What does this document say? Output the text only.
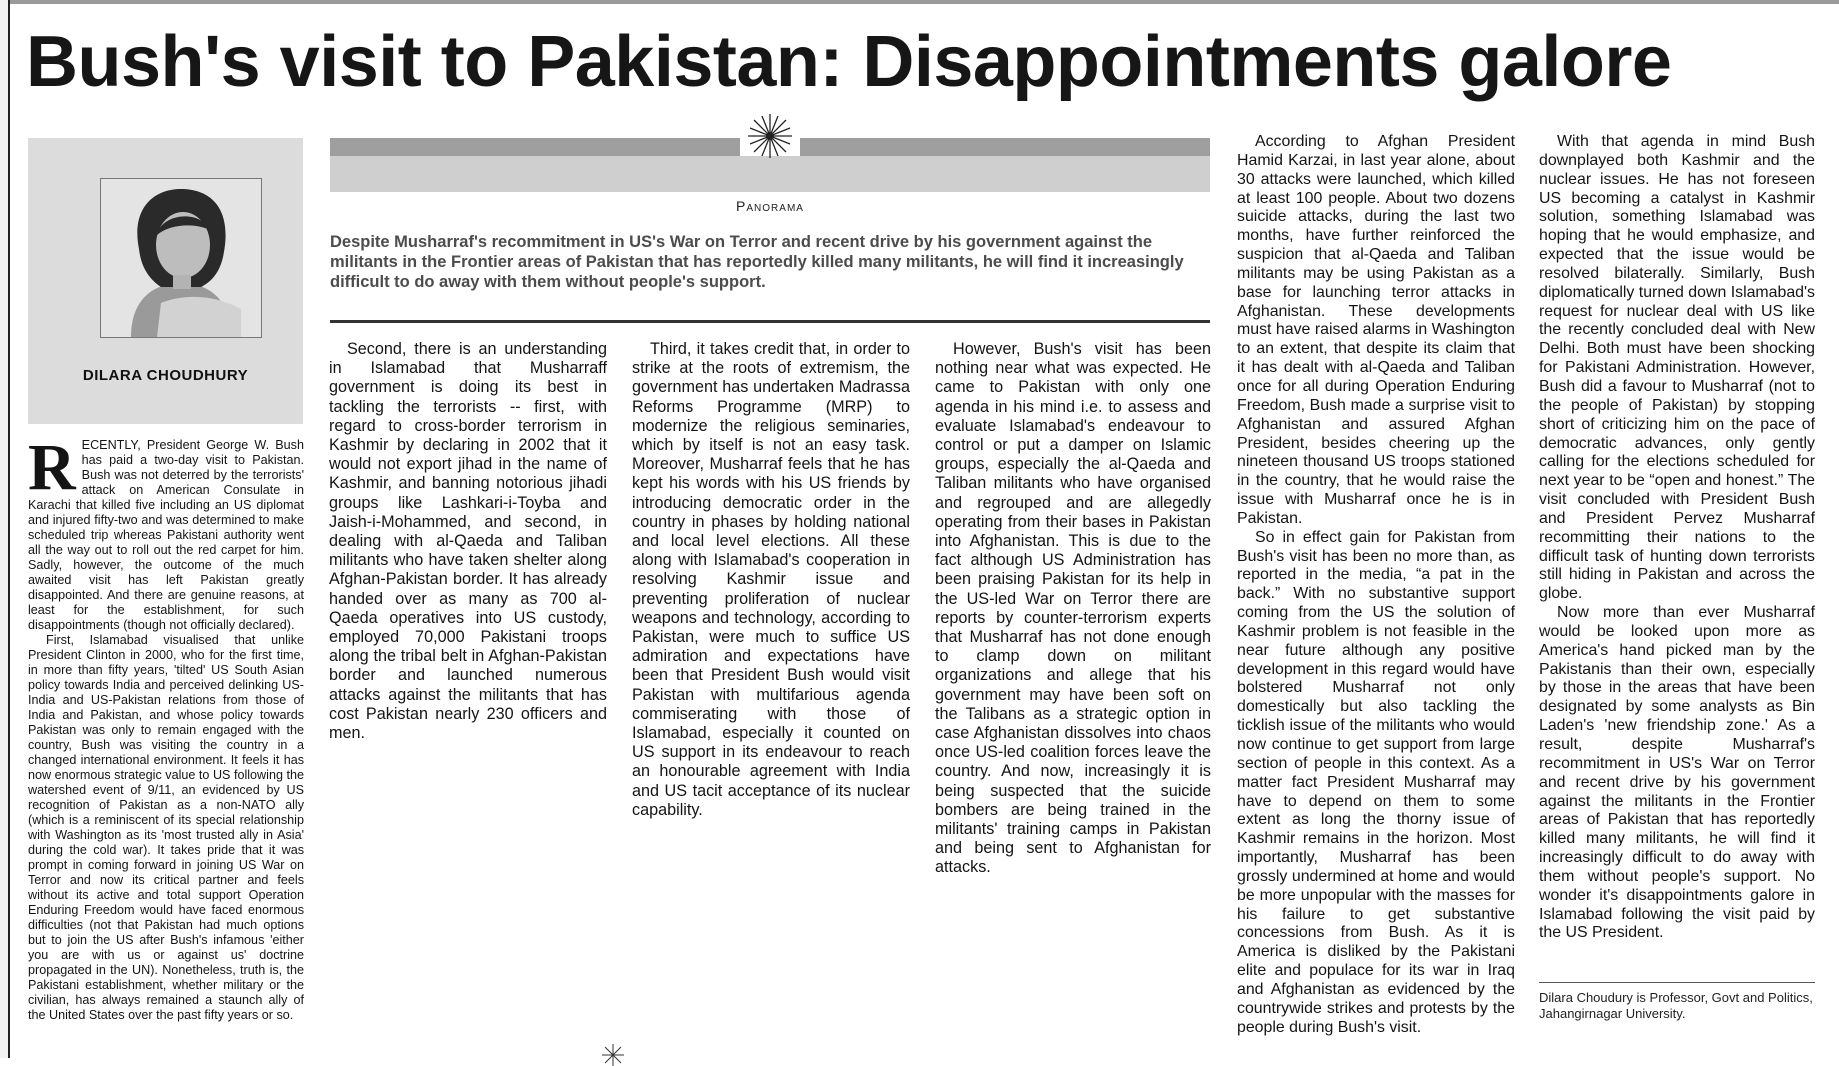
Bush's visit to Pakistan: Disappointments galore
DILARA CHOUDHURY
Panorama

Despite Musharraf's recommitment in US's War on Terror and recent drive by his government against the militants in the Frontier areas of Pakistan that has reportedly killed many militants, he will find it increasingly difficult to do away with them without people's support.

RECENTLY, President George W. Bush has paid a two-day visit to Pakistan. Bush was not deterred by the terrorists' attack on American Consulate in Karachi that killed five including an US diplomat and injured fifty-two and was determined to make scheduled trip whereas Pakistani authority went all the way out to roll out the red carpet for him. Sadly, however, the outcome of the much awaited visit has left Pakistan greatly disappointed. And there are genuine reasons, at least for the establishment, for such disappointments (though not officially declared).

First, Islamabad visualised that unlike President Clinton in 2000, who for the first time, in more than fifty years, 'tilted' US South Asian policy towards India and perceived delinking US-India and US-Pakistan relations from those of India and Pakistan, and whose policy towards Pakistan was only to remain engaged with the country, Bush was visiting the country in a changed international environment. It feels it has now enormous strategic value to US following the watershed event of 9/11, an evidenced by US recognition of Pakistan as a non-NATO ally (which is a reminiscent of its special relationship with Washington as its 'most trusted ally in Asia' during the cold war). It takes pride that it was prompt in coming forward in joining US War on Terror and now its critical partner and feels without its active and total support Operation Enduring Freedom would have faced enormous difficulties (not that Pakistan had much options but to join the US after Bush's infamous 'either you are with us or against us' doctrine propagated in the UN). Nonetheless, truth is, the Pakistani establishment, whether military or the civilian, has always remained a staunch ally of the United States over the past fifty years or so.

Second, there is an understanding in Islamabad that Musharraff government is doing its best in tackling the terrorists -- first, with regard to cross-border terrorism in Kashmir by declaring in 2002 that it would not export jihad in the name of Kashmir, and banning notorious jihadi groups like Lashkari-i-Toyba and Jaish-i-Mohammed, and second, in dealing with al-Qaeda and Taliban militants who have taken shelter along Afghan-Pakistan border. It has already handed over as many as 700 al-Qaeda operatives into US custody, employed 70,000 Pakistani troops along the tribal belt in Afghan-Pakistan border and launched numerous attacks against the militants that has cost Pakistan nearly 230 officers and men.

Third, it takes credit that, in order to strike at the roots of extremism, the government has undertaken Madrassa Reforms Programme (MRP) to modernize the religious seminaries, which by itself is not an easy task. Moreover, Musharraf feels that he has kept his words with his US friends by introducing democratic order in the country in phases by holding national and local level elections. All these along with Islamabad's cooperation in resolving Kashmir issue and preventing proliferation of nuclear weapons and technology, according to Pakistan, were much to suffice US admiration and expectations have been that President Bush would visit Pakistan with multifarious agenda commiserating with those of Islamabad, especially it counted on US support in its endeavour to reach an honourable agreement with India and US tacit acceptance of its nuclear capability.

However, Bush's visit has been nothing near what was expected. He came to Pakistan with only one agenda in his mind i.e. to assess and evaluate Islamabad's endeavour to control or put a damper on Islamic groups, especially the al-Qaeda and Taliban militants who have organised and regrouped and are allegedly operating from their bases in Pakistan into Afghanistan. This is due to the fact although US Administration has been praising Pakistan for its help in the US-led War on Terror there are reports by counter-terrorism experts that Musharraf has not done enough to clamp down on militant organizations and allege that his government may have been soft on the Talibans as a strategic option in case Afghanistan dissolves into chaos once US-led coalition forces leave the country. And now, increasingly it is being suspected that the suicide bombers are being trained in the militants' training camps in Pakistan and being sent to Afghanistan for attacks.

According to Afghan President Hamid Karzai, in last year alone, about 30 attacks were launched, which killed at least 100 people. About two dozens suicide attacks, during the last two months, have further reinforced the suspicion that al-Qaeda and Taliban militants may be using Pakistan as a base for launching terror attacks in Afghanistan. These developments must have raised alarms in Washington to an extent, that despite its claim that it has dealt with al-Qaeda and Taliban once for all during Operation Enduring Freedom, Bush made a surprise visit to Afghanistan and assured Afghan President, besides cheering up the nineteen thousand US troops stationed in the country, that he would raise the issue with Musharraf once he is in Pakistan.

So in effect gain for Pakistan from Bush's visit has been no more than, as reported in the media, “a pat in the back.” With no substantive support coming from the US the solution of Kashmir problem is not feasible in the near future although any positive development in this regard would have bolstered Musharraf not only domestically but also tackling the ticklish issue of the militants who would now continue to get support from large section of people in this context. As a matter fact President Musharraf may have to depend on them to some extent as long the thorny issue of Kashmir remains in the horizon. Most importantly, Musharraf has been grossly undermined at home and would be more unpopular with the masses for his failure to get substantive concessions from Bush. As it is America is disliked by the Pakistani elite and populace for its war in Iraq and Afghanistan as evidenced by the countrywide strikes and protests by the people during Bush's visit.

With that agenda in mind Bush downplayed both Kashmir and the nuclear issues. He has not foreseen US becoming a catalyst in Kashmir solution, something Islamabad was hoping that he would emphasize, and expected that the issue would be resolved bilaterally. Similarly, Bush diplomatically turned down Islamabad's request for nuclear deal with US like the recently concluded deal with New Delhi. Both must have been shocking for Pakistani Administration. However, Bush did a favour to Musharraf (not to the people of Pakistan) by stopping short of criticizing him on the pace of democratic advances, only gently calling for the elections scheduled for next year to be “open and honest.” The visit concluded with President Bush and President Pervez Musharraf recommitting their nations to the difficult task of hunting down terrorists still hiding in Pakistan and across the globe.

Now more than ever Musharraf would be looked upon more as America's hand picked man by the Pakistanis than their own, especially by those in the areas that have been designated by some analysts as Bin Laden's 'new friendship zone.' As a result, despite Musharraf's recommitment in US's War on Terror and recent drive by his government against the militants in the Frontier areas of Pakistan that has reportedly killed many militants, he will find it increasingly difficult to do away with them without people's support. No wonder it's disappointments galore in Islamabad following the visit paid by the US President.

Dilara Choudury is Professor, Govt and Politics, Jahangirnagar University.
